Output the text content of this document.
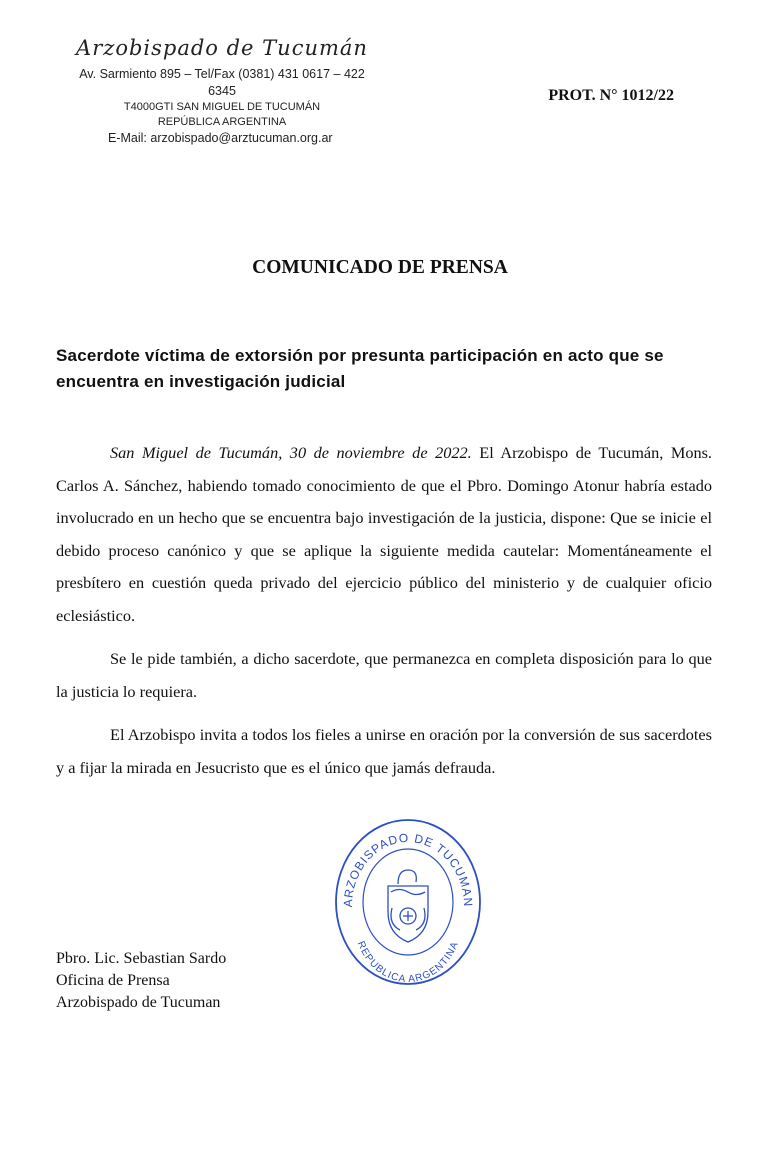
Arzobispado de Tucumán
Av. Sarmiento 895 – Tel/Fax (0381) 431 0617 – 422
6345
T4000GTI SAN MIGUEL DE TUCUMÁN
REPÚBLICA ARGENTINA
E-Mail: arzobispado@arztucuman.org.ar
PROT. N° 1012/22
COMUNICADO DE PRENSA
Sacerdote víctima de extorsión por presunta participación en acto que se encuentra en investigación judicial

San Miguel de Tucumán, 30 de noviembre de 2022. El Arzobispo de Tucumán, Mons. Carlos A. Sánchez, habiendo tomado conocimiento de que el Pbro. Domingo Atonur habría estado involucrado en un hecho que se encuentra bajo investigación de la justicia, dispone: Que se inicie el debido proceso canónico y que se aplique la siguiente medida cautelar: Momentáneamente el presbítero en cuestión queda privado del ejercicio público del ministerio y de cualquier oficio eclesiástico.

Se le pide también, a dicho sacerdote, que permanezca en completa disposición para lo que la justicia lo requiera.

El Arzobispo invita a todos los fieles a unirse en oración por la conversión de sus sacerdotes y a fijar la mirada en Jesucristo que es el único que jamás defrauda.

ARZOBISPADO DE TUCUMAN
REPUBLICA ARGENTINA
Pbro. Lic. Sebastian Sardo
Oficina de Prensa
Arzobispado de Tucuman
